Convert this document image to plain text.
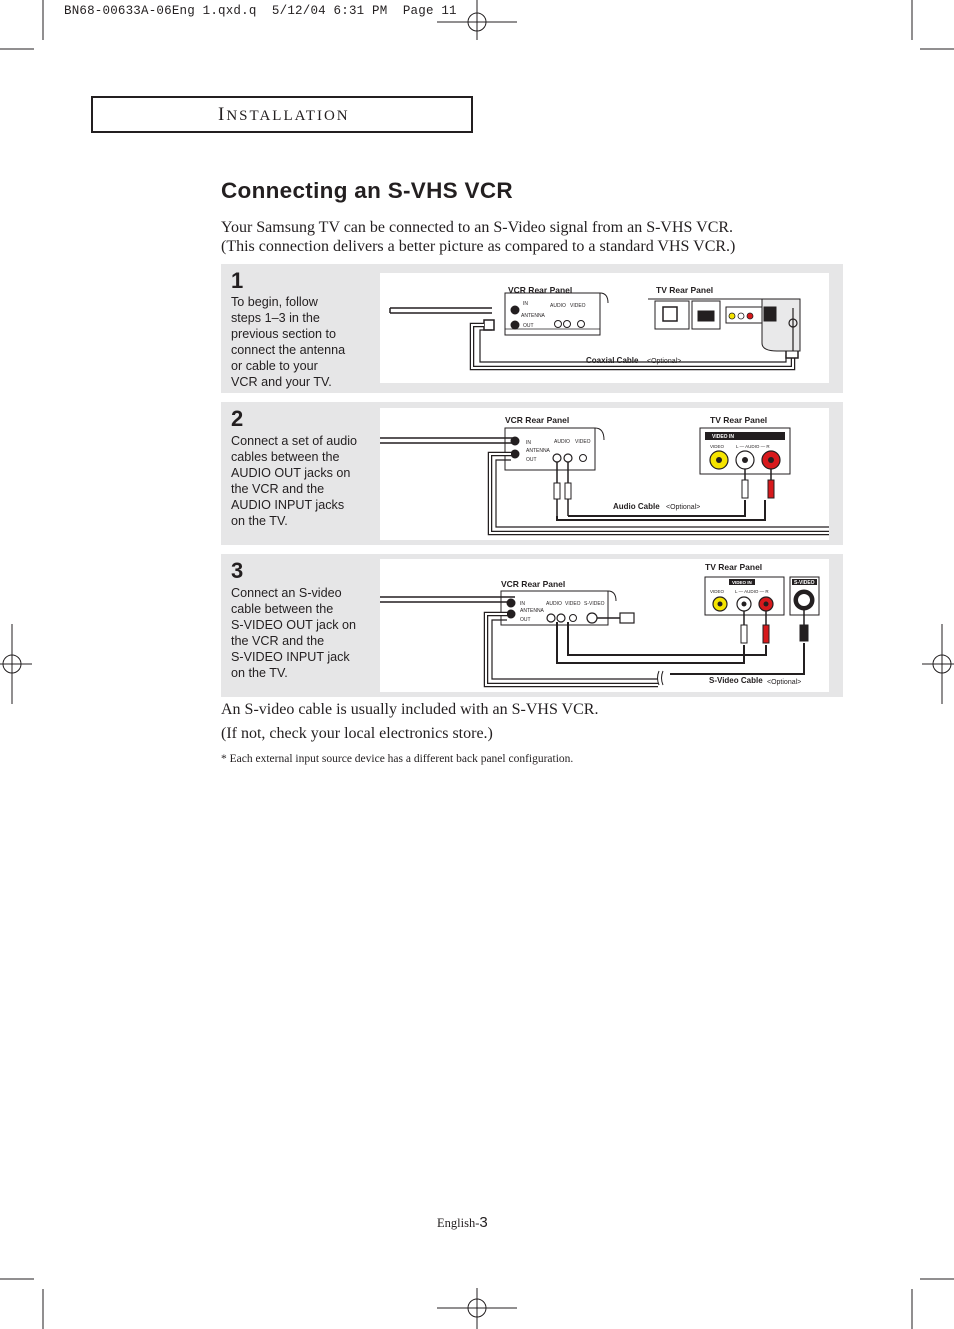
BN68-00633A-06Eng 1.qxd.q  5/12/04 6:31 PM  Page 11
INSTALLATION
Connecting an S-VHS VCR
Your Samsung TV can be connected to an S-Video signal from an S-VHS VCR.
(This connection delivers a better picture as compared to a standard VHS VCR.)
1
To begin, follow
steps 1–3 in the
previous section to
connect the antenna
or cable to your
VCR and your TV.
VCR Rear Panel	TV Rear Panel
IN
ANTENNA
OUT
AUDIO VIDEO
Coaxial Cable <Optional>
2
Connect a set of audio
cables between the
AUDIO OUT jacks on
the VCR and the
AUDIO INPUT jacks
on the TV.
VCR Rear Panel	TV Rear Panel
IN
ANTENNA
OUT
AUDIO VIDEO
VIDEO IN
VIDEO	L — AUDIO — R
Audio Cable <Optional>
3
Connect an S-video
cable between the
S-VIDEO OUT jack on
the VCR and the
S-VIDEO INPUT jack
on the TV.
VCR Rear Panel
TV Rear Panel
IN
ANTENNA
OUT
AUDIO VIDEO S-VIDEO
VIDEO IN
VIDEO L — AUDIO — R
S-VIDEO
S-Video Cable <Optional>
An S-video cable is usually included with an S-VHS VCR.
(If not, check your local electronics store.)
* Each external input source device has a different back panel configuration.
English-3
